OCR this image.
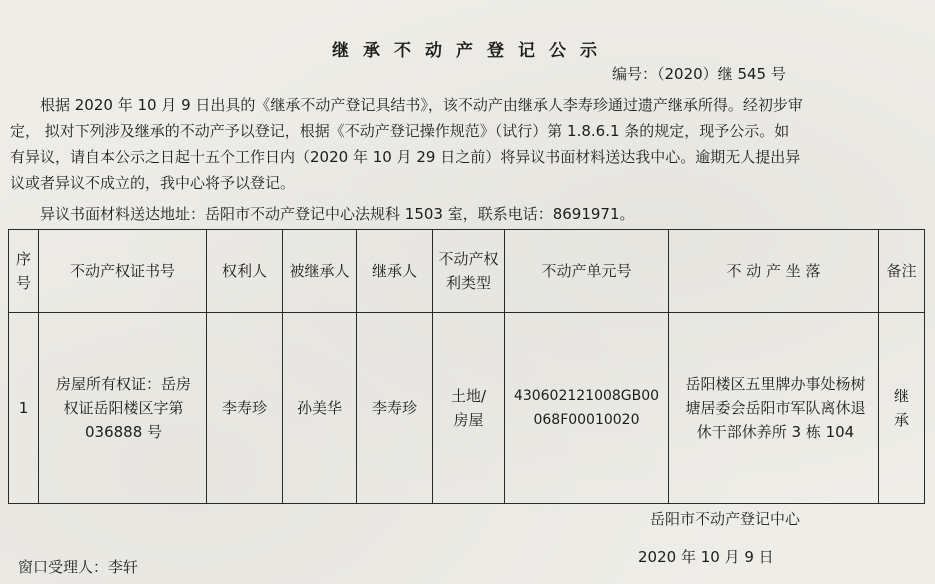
继承不动产登记公示
编号：（2020）继 545 号
根据 2020 年 10 月 9 日出具的《继承不动产登记具结书》，该不动产由继承人李寿珍通过遗产继承所得。经初步审
定， 拟对下列涉及继承的不动产予以登记，根据《不动产登记操作规范》（试行）第 1.8.6.1 条的规定，现予公示。如
有异议，请自本公示之日起十五个工作日内（2020 年 10 月 29 日之前）将异议书面材料送达我中心。逾期无人提出异
议或者异议不成立的，我中心将予以登记。
异议书面材料送达地址：岳阳市不动产登记中心法规科 1503 室，联系电话：8691971。
序号	不动产权证书号	权利人	被继承人	继承人	不动产权利类型	不动产单元号	不 动 产 坐 落	备注
1	房屋所有权证：岳房权证岳阳楼区字第 036888 号	李寿珍	孙美华	李寿珍	土地/房屋	430602121008GB00068F00010020	岳阳楼区五里牌办事处杨树塘居委会岳阳市军队离休退休干部休养所 3 栋 104	继承
岳阳市不动产登记中心
2020 年 10 月 9 日
窗口受理人：李轩
